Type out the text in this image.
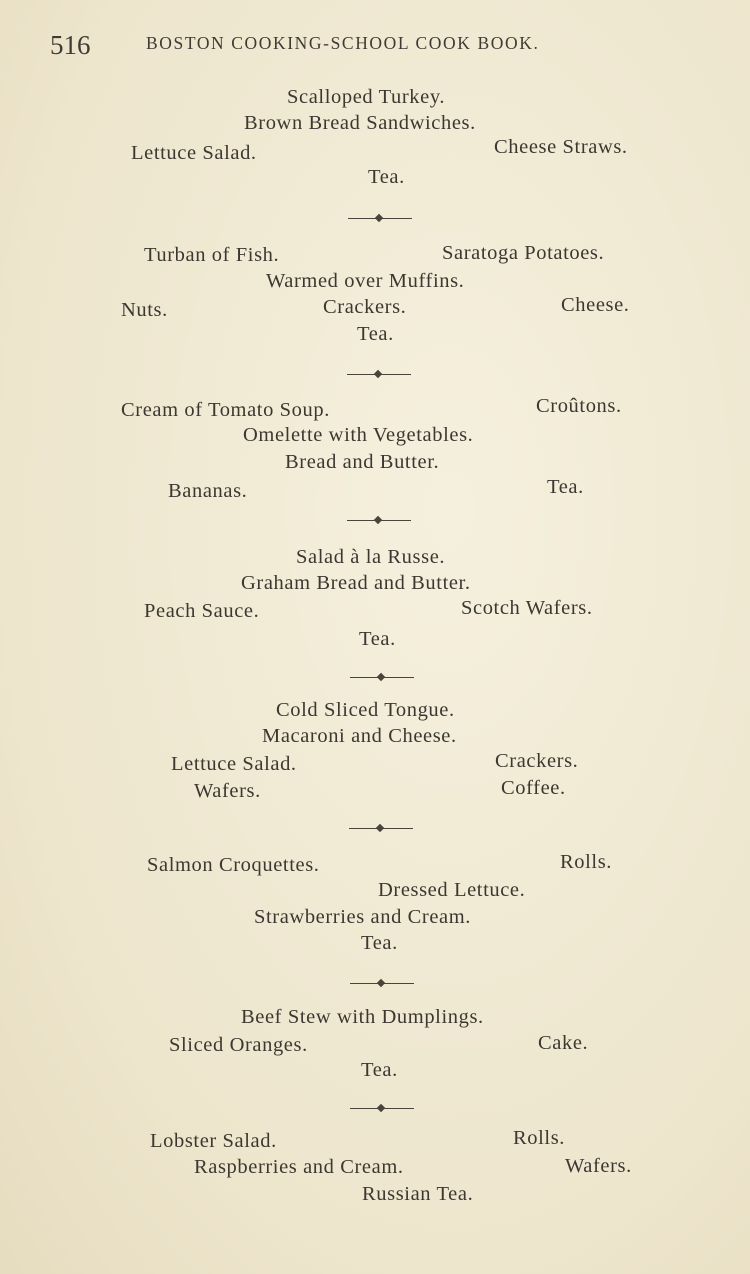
516	BOSTON COOKING-SCHOOL COOK BOOK.
Scalloped Turkey.
Brown Bread Sandwiches.
Lettuce Salad.	Cheese Straws.
Tea.
Turban of Fish.	Saratoga Potatoes.
Warmed over Muffins.
Nuts.	Crackers.	Cheese.
Tea.
Cream of Tomato Soup.	Croûtons.
Omelette with Vegetables.
Bread and Butter.
Bananas.	Tea.
Salad à la Russe.
Graham Bread and Butter.
Peach Sauce.	Scotch Wafers.
Tea.
Cold Sliced Tongue.
Macaroni and Cheese.
Lettuce Salad.	Crackers.
Wafers.	Coffee.
Salmon Croquettes.	Rolls.
Dressed Lettuce.
Strawberries and Cream.
Tea.
Beef Stew with Dumplings.
Sliced Oranges.	Cake.
Tea.
Lobster Salad.	Rolls.
Raspberries and Cream.	Wafers.
Russian Tea.
